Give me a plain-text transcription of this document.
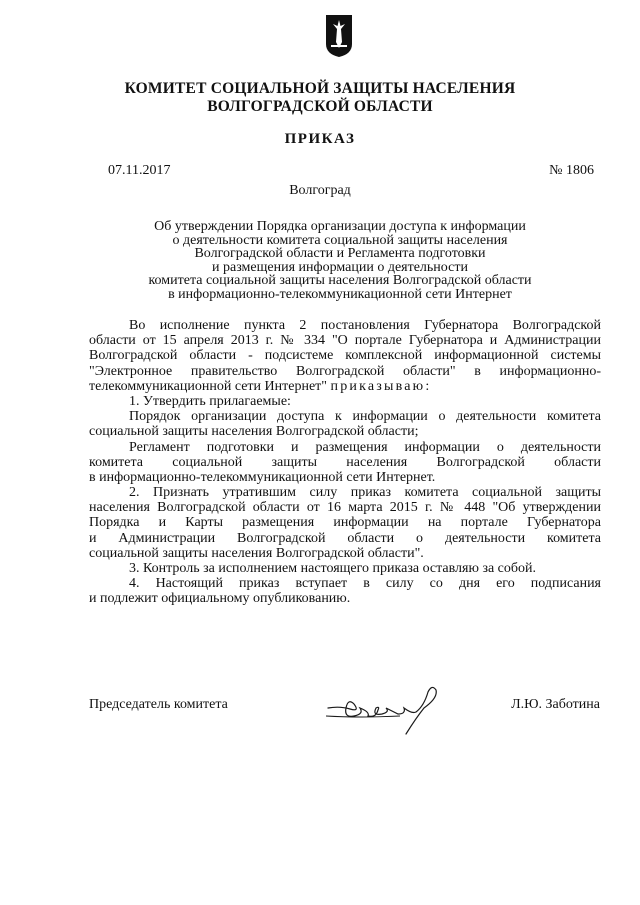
КОМИТЕТ СОЦИАЛЬНОЙ ЗАЩИТЫ НАСЕЛЕНИЯ
ВОЛГОГРАДСКОЙ ОБЛАСТИ
ПРИКАЗ
07.11.2017	№ 1806
Волгоград
Об утверждении Порядка организации доступа к информации
о деятельности комитета социальной защиты населения
Волгоградской области и Регламента подготовки
и размещения информации о деятельности
комитета социальной защиты населения Волгоградской области
в информационно-телекоммуникационной сети Интернет
Во исполнение пункта 2 постановления Губернатора Волгоградской
области от 15 апреля 2013 г. № 334 "О портале Губернатора и Администрации
Волгоградской области - подсистеме комплексной информационной системы
"Электронное правительство Волгоградской области" в информационно-
телекоммуникационной сети Интернет" приказываю:
1. Утвердить прилагаемые:
Порядок организации доступа к информации о деятельности комитета
социальной защиты населения Волгоградской области;
Регламент подготовки и размещения информации о деятельности
комитета социальной защиты населения Волгоградской области
в информационно-телекоммуникационной сети Интернет.
2. Признать утратившим силу приказ комитета социальной защиты
населения Волгоградской области от 16 марта 2015 г. № 448 "Об утверждении
Порядка и Карты размещения информации на портале Губернатора
и Администрации Волгоградской области о деятельности комитета
социальной защиты населения Волгоградской области".
3. Контроль за исполнением настоящего приказа оставляю за собой.
4. Настоящий приказ вступает в силу со дня его подписания
и подлежит официальному опубликованию.
Председатель комитета	Л.Ю. Заботина
